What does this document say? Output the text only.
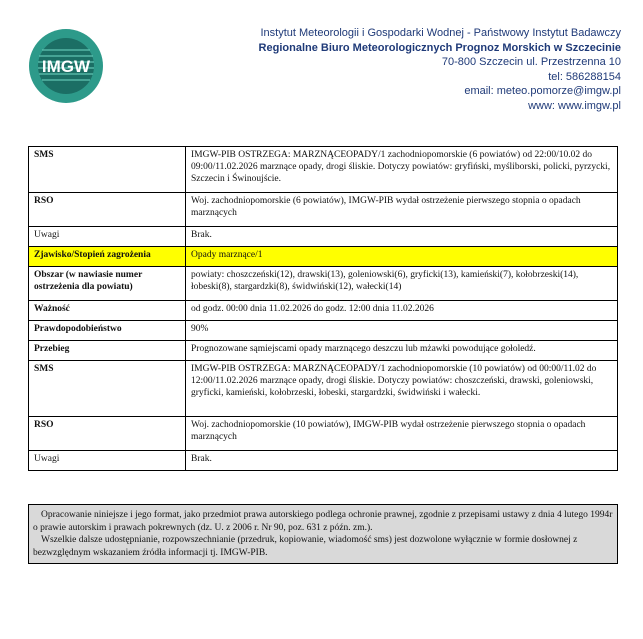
IMGW
Instytut Meteorologii i Gospodarki Wodnej - Państwowy Instytut Badawczy
Regionalne Biuro Meteorologicznych Prognoz Morskich w Szczecinie
70-800 Szczecin ul. Przestrzenna 10
tel: 586288154
email: meteo.pomorze@imgw.pl
www: www.imgw.pl
SMS	IMGW-PIB OSTRZEGA: MARZNĄCEOPADY/1 zachodniopomorskie (6 powiatów) od 22:00/10.02 do 09:00/11.02.2026 marznące opady, drogi śliskie. Dotyczy powiatów: gryfiński, myśliborski, policki, pyrzycki, Szczecin i Świnoujście.
RSO	Woj. zachodniopomorskie (6 powiatów), IMGW-PIB wydał ostrzeżenie pierwszego stopnia o opadach marznących
Uwagi	Brak.
Zjawisko/Stopień zagrożenia	Opady marznące/1
Obszar (w nawiasie numer ostrzeżenia dla powiatu)	powiaty: choszczeński(12), drawski(13), goleniowski(6), gryficki(13), kamieński(7), kołobrzeski(14), łobeski(8), stargardzki(8), świdwiński(12), wałecki(14)
Ważność	od godz. 00:00 dnia 11.02.2026 do godz. 12:00 dnia 11.02.2026
Prawdopodobieństwo	90%
Przebieg	Prognozowane sąmiejscami opady marznącego deszczu lub mżawki powodujące gołoledź.
SMS	IMGW-PIB OSTRZEGA: MARZNĄCEOPADY/1 zachodniopomorskie (10 powiatów) od 00:00/11.02 do 12:00/11.02.2026 marznące opady, drogi śliskie. Dotyczy powiatów: choszczeński, drawski, goleniowski, gryficki, kamieński, kołobrzeski, łobeski, stargardzki, świdwiński i wałecki.
RSO	Woj. zachodniopomorskie (10 powiatów), IMGW-PIB wydał ostrzeżenie pierwszego stopnia o opadach marznących
Uwagi	Brak.

Opracowanie niniejsze i jego format, jako przedmiot prawa autorskiego podlega ochronie prawnej, zgodnie z przepisami ustawy z dnia 4 lutego 1994r o prawie autorskim i prawach pokrewnych (dz. U. z 2006 r. Nr 90, poz. 631 z późn. zm.).

Wszelkie dalsze udostępnianie, rozpowszechnianie (przedruk, kopiowanie, wiadomość sms) jest dozwolone wyłącznie w formie dosłownej z bezwzględnym wskazaniem źródła informacji tj. IMGW-PIB.
